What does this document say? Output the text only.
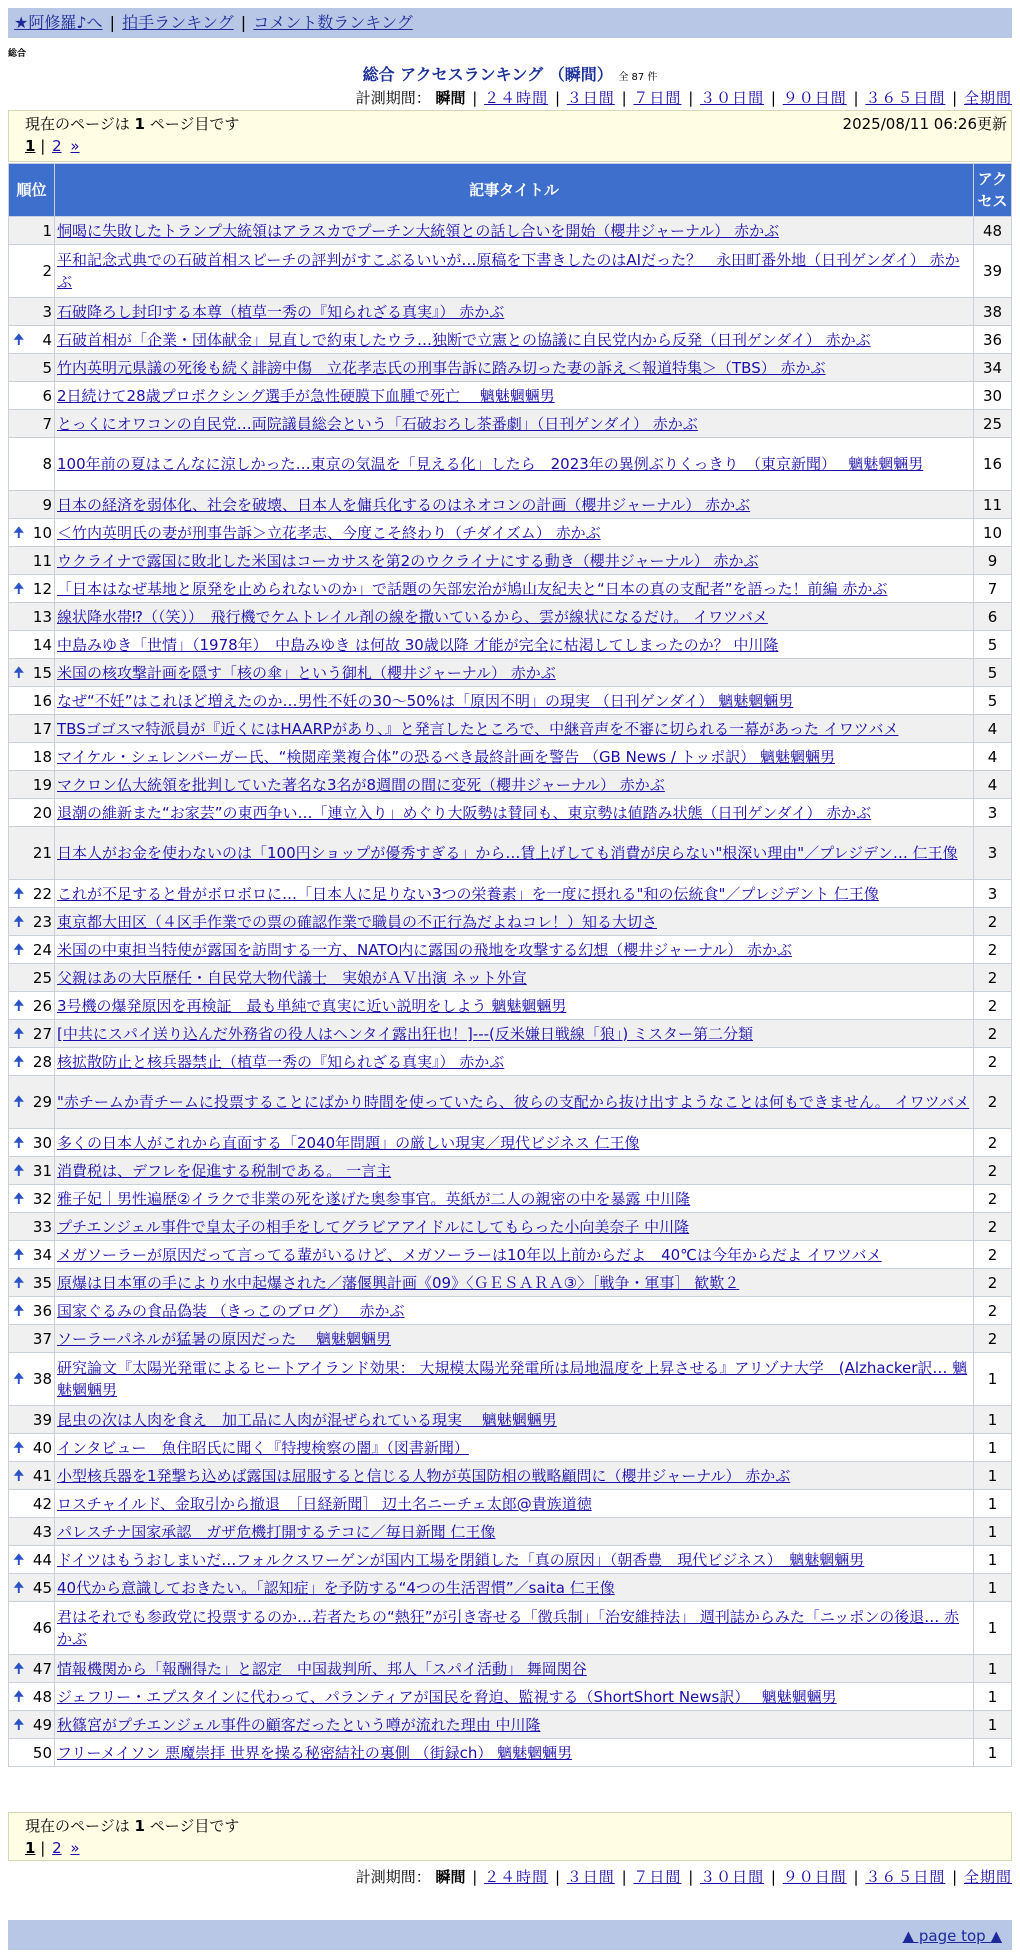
★阿修羅♪へ | 拍手ランキング | コメント数ランキング
総合
総合 アクセスランキング （瞬間） 全 87 件
計測期間： 瞬間 | ２４時間 | ３日間 | ７日間 | ３０日間 | ９０日間 | ３６５日間 | 全期間
現在のページは 1 ページ目です	2025/08/11 06:26更新
1 | 2 »
順位	記事タイトル	アクセス
1	恫喝に失敗したトランプ大統領はアラスカでプーチン大統領との話し合いを開始（櫻井ジャーナル） 赤かぶ	48
2	平和記念式典での石破首相スピーチの評判がすこぶるいいが…原稿を下書きしたのはAIだった？　永田町番外地（日刊ゲンダイ） 赤かぶ	39
3	石破降ろし封印する本尊（植草一秀の『知られざる真実』） 赤かぶ	38

🠉 4	石破首相が「企業・団体献金」見直しで約束したウラ…独断で立憲との協議に自民党内から反発（日刊ゲンダイ） 赤かぶ	36
5	竹内英明元県議の死後も続く誹謗中傷　立花孝志氏の刑事告訴に踏み切った妻の訴え＜報道特集＞（TBS） 赤かぶ	34
6	2日続けて28歳プロボクシング選手が急性硬膜下血腫で死亡　 魑魅魍魎男	30
7	とっくにオワコンの自民党…両院議員総会という「石破おろし茶番劇」（日刊ゲンダイ） 赤かぶ	25
8	100年前の夏はこんなに涼しかった…東京の気温を「見える化」したら　2023年の異例ぶりくっきり　（東京新聞）　 魑魅魍魎男	16
9	日本の経済を弱体化、社会を破壊、日本人を傭兵化するのはネオコンの計画（櫻井ジャーナル） 赤かぶ	11

🠉 10	＜竹内英明氏の妻が刑事告訴＞立花孝志、今度こそ終わり（チダイズム） 赤かぶ	10
11	ウクライナで露国に敗北した米国はコーカサスを第2のウクライナにする動き（櫻井ジャーナル） 赤かぶ	9

🠉 12	「日本はなぜ基地と原発を止められないのか」で話題の矢部宏治が鳩山友紀夫と“日本の真の支配者”を語った！前編 赤かぶ	7
13	線状降水帯⁉（（笑））　飛行機でケムトレイル剤の線を撒いているから、雲が線状になるだけ。 イワツバメ	6
14	中島みゆき「世情」（1978年）　中島みゆき は何故 30歳以降 才能が完全に枯渇してしまったのか？ 中川隆	5

🠉 15	米国の核攻撃計画を隠す「核の傘」という御札（櫻井ジャーナル） 赤かぶ	5
16	なぜ“不妊”はこれほど増えたのか…男性不妊の30～50%は「原因不明」の現実 （日刊ゲンダイ） 魑魅魍魎男	5
17	TBSゴゴスマ特派員が『近くにはHAARPがあり、』と発言したところで、中継音声を不審に切られる一幕があった イワツバメ	4
18	マイケル・シェレンバーガー氏、“検閲産業複合体”の恐るべき最終計画を警告 （GB News / トッポ訳） 魑魅魍魎男	4
19	マクロン仏大統領を批判していた著名な3名が8週間の間に変死（櫻井ジャーナル） 赤かぶ	4
20	退潮の維新また“お家芸”の東西争い…「連立入り」めぐり大阪勢は賛同も、東京勢は値踏み状態（日刊ゲンダイ） 赤かぶ	3
21	日本人がお金を使わないのは「100円ショップが優秀すぎる」から…賃上げしても消費が戻らない"根深い理由"／プレジデン… 仁王像	3

🠉 22	これが不足すると骨がボロボロに…「日本人に足りない3つの栄養素」を一度に摂れる"和の伝統食"／プレジデント 仁王像	3

🠉 23	東京都大田区（４区手作業での票の確認作業で職員の不正行為だよねコレ！）知る大切さ	2

🠉 24	米国の中東担当特使が露国を訪問する一方、NATO内に露国の飛地を攻撃する幻想（櫻井ジャーナル） 赤かぶ	2
25	父親はあの大臣歴任・自民党大物代議士　実娘がＡＶ出演 ネット外宣	2

🠉 26	3号機の爆発原因を再検証　最も単純で真実に近い説明をしよう 魑魅魍魎男	2

🠉 27	[中共にスパイ送り込んだ外務省の役人はヘンタイ露出狂也！]---(反米嫌日戦線「狼」) ミスター第二分類	2

🠉 28	核拡散防止と核兵器禁止（植草一秀の『知られざる真実』） 赤かぶ	2

🠉 29	"赤チームか青チームに投票することにばかり時間を使っていたら、彼らの支配から抜け出すようなことは何もできません。 イワツバメ	2

🠉 30	多くの日本人がこれから直面する「2040年問題」の厳しい現実／現代ビジネス 仁王像	2

🠉 31	消費税は、デフレを促進する税制である。 一言主	2

🠉 32	雅子妃｜男性遍歴②イラクで非業の死を遂げた奥参事官。英紙が二人の親密の中を暴露 中川隆	2
33	プチエンジェル事件で皇太子の相手をしてグラビアアイドルにしてもらった小向美奈子 中川隆	2

🠉 34	メガソーラーが原因だって言ってる輩がいるけど、メガソーラーは10年以上前からだよ　40℃は今年からだよ イワツバメ	2

🠉 35	原爆は日本軍の手により水中起爆された／藩偃興計画《09》〈ＧＥＳＡＲＡ③〉［戦争・軍事］ 歓歎２	2

🠉 36	国家ぐるみの食品偽装 （きっこのブログ）　 赤かぶ	2
37	ソーラーパネルが猛暑の原因だった　 魑魅魍魎男	2

🠉 38	研究論文『太陽光発電によるヒートアイランド効果： 大規模太陽光発電所は局地温度を上昇させる』アリゾナ大学　(Alzhacker訳… 魑魅魍魎男	1
39	昆虫の次は人肉を食え　加工品に人肉が混ぜられている現実　 魑魅魍魎男	1

🠉 40	インタビュー　魚住昭氏に聞く『特捜検察の闇』（図書新聞）	1

🠉 41	小型核兵器を1発撃ち込めば露国は屈服すると信じる人物が英国防相の戦略顧問に（櫻井ジャーナル） 赤かぶ	1
42	ロスチャイルド、金取引から撤退　［日経新聞］ 辺土名ニーチェ太郎@貴族道徳	1
43	パレスチナ国家承認　ガザ危機打開するテコに／毎日新聞 仁王像	1

🠉 44	ドイツはもうおしまいだ…フォルクスワーゲンが国内工場を閉鎖した「真の原因」（朝香豊　現代ビジネス）　魑魅魍魎男	1

🠉 45	40代から意識しておきたい。「認知症」を予防する“4つの生活習慣”／saita 仁王像	1
46	君はそれでも参政党に投票するのか…若者たちの“熱狂”が引き寄せる「徴兵制」「治安維持法」 週刊誌からみた「ニッポンの後退… 赤かぶ	1

🠉 47	情報機関から「報酬得た」と認定　中国裁判所、邦人「スパイ活動」 舞岡関谷	1

🠉 48	ジェフリー・エプスタインに代わって、パランティアが国民を脅迫、監視する（ShortShort News訳）　 魑魅魍魎男	1

🠉 49	秋篠宮がプチエンジェル事件の顧客だったという噂が流れた理由 中川隆	1
50	フリーメイソン 悪魔崇拝 世界を操る秘密結社の裏側 （街録ch） 魑魅魍魎男	1
現在のページは 1 ページ目です
1 | 2 »
計測期間： 瞬間 | ２４時間 | ３日間 | ７日間 | ３０日間 | ９０日間 | ３６５日間 | 全期間
▲ page top ▲
